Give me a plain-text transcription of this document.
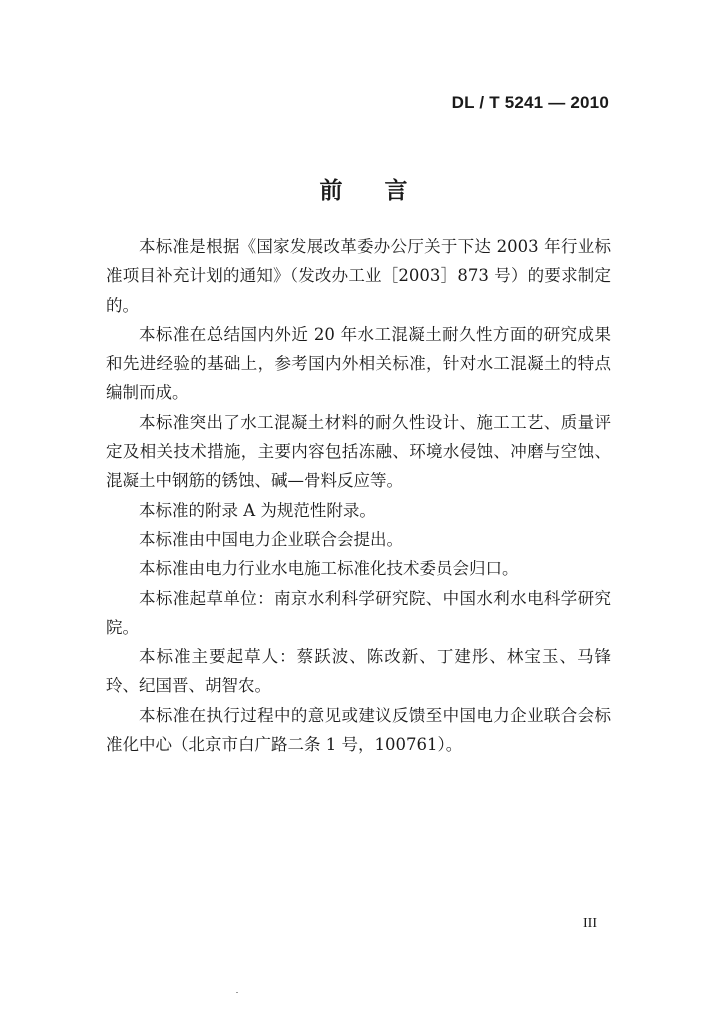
DL / T 5241 — 2010
前言

本标准是根据《国家发展改革委办公厅关于下达 2003 年行业标准项目补充计划的通知》（发改办工业［2003］873 号）的要求制定的。

本标准在总结国内外近 20 年水工混凝土耐久性方面的研究成果和先进经验的基础上，参考国内外相关标准，针对水工混凝土的特点编制而成。

本标准突出了水工混凝土材料的耐久性设计、施工工艺、质量评定及相关技术措施，主要内容包括冻融、环境水侵蚀、冲磨与空蚀、混凝土中钢筋的锈蚀、碱—骨料反应等。

本标准的附录 A 为规范性附录。

本标准由中国电力企业联合会提出。

本标准由电力行业水电施工标准化技术委员会归口。

本标准起草单位：南京水利科学研究院、中国水利水电科学研究院。

本标准主要起草人：蔡跃波、陈改新、丁建彤、林宝玉、马锋玲、纪国晋、胡智农。

本标准在执行过程中的意见或建议反馈至中国电力企业联合会标准化中心（北京市白广路二条 1 号，100761）。

III
